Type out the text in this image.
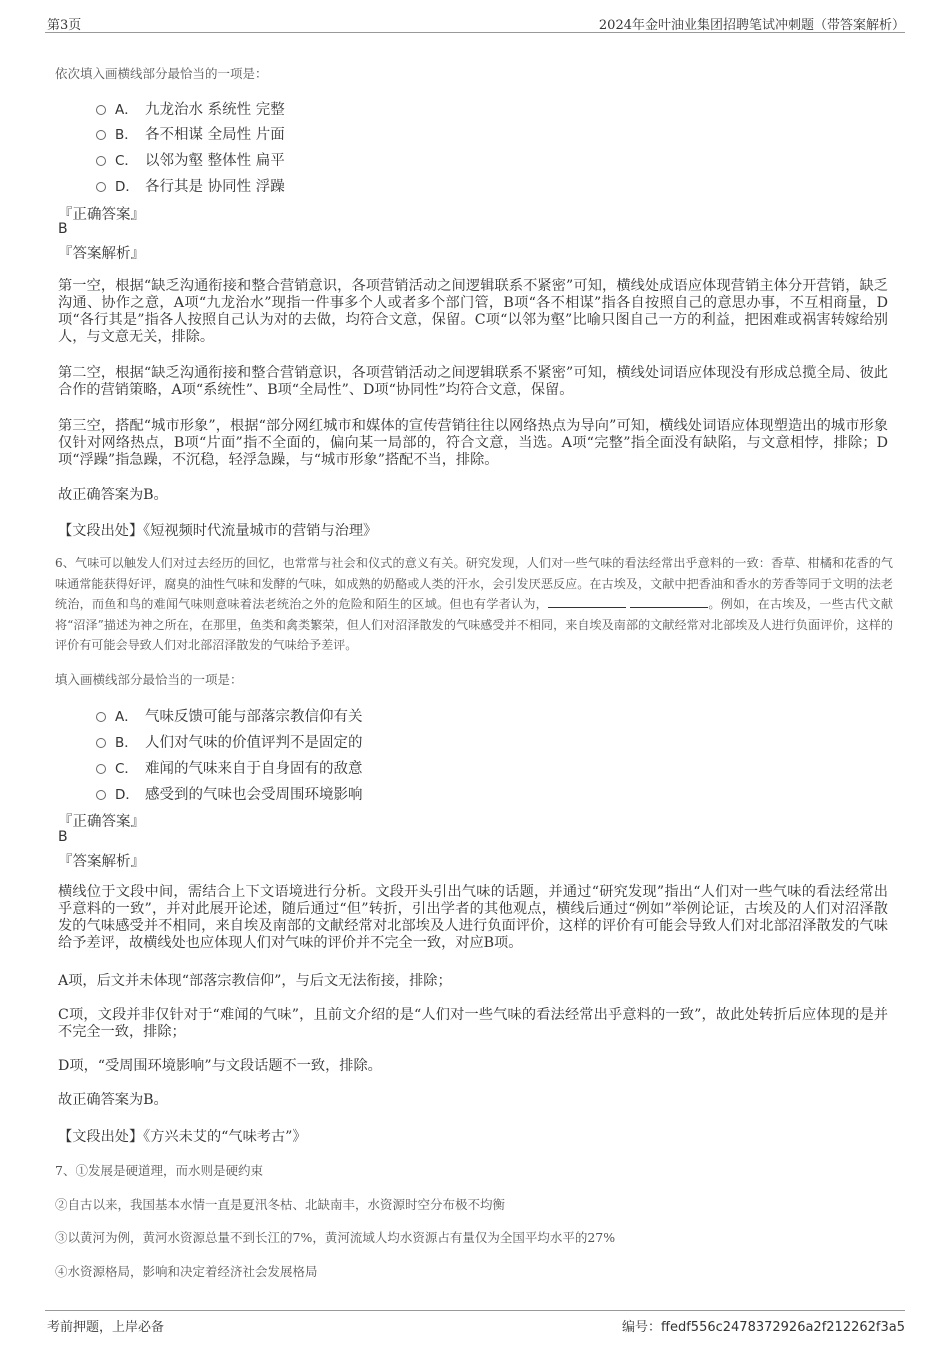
第3页	2024年金叶油业集团招聘笔试冲刺题（带答案解析）
依次填入画横线部分最恰当的一项是：
A． 九龙治水 系统性 完整
B． 各不相谋 全局性 片面
C． 以邻为壑 整体性 扁平
D． 各行其是 协同性 浮躁
『正确答案』
B
『答案解析』
第一空，根据“缺乏沟通衔接和整合营销意识，各项营销活动之间逻辑联系不紧密”可知，横线处成语应体现营销主体分开营销，缺乏沟通、协作之意，A项“九龙治水”现指一件事多个人或者多个部门管，B项“各不相谋”指各自按照自己的意思办事，不互相商量，D项“各行其是”指各人按照自己认为对的去做，均符合文意，保留。C项“以邻为壑”比喻只图自己一方的利益，把困难或祸害转嫁给别人，与文意无关，排除。
第二空，根据“缺乏沟通衔接和整合营销意识，各项营销活动之间逻辑联系不紧密”可知，横线处词语应体现没有形成总揽全局、彼此合作的营销策略，A项“系统性”、B项“全局性”、D项“协同性”均符合文意，保留。
第三空，搭配“城市形象”，根据“部分网红城市和媒体的宣传营销往往以网络热点为导向”可知，横线处词语应体现塑造出的城市形象仅针对网络热点，B项“片面”指不全面的，偏向某一局部的，符合文意，当选。A项“完整”指全面没有缺陷，与文意相悖，排除；D项“浮躁”指急躁，不沉稳，轻浮急躁，与“城市形象”搭配不当，排除。
故正确答案为B。
【文段出处】《短视频时代流量城市的营销与治理》
6、气味可以触发人们对过去经历的回忆，也常常与社会和仪式的意义有关。研究发现，人们对一些气味的看法经常出乎意料的一致：香草、柑橘和花香的气味通常能获得好评，腐臭的油性气味和发酵的气味，如成熟的奶酪或人类的汗水，会引发厌恶反应。在古埃及，文献中把香油和香水的芳香等同于文明的法老统治，而鱼和鸟的难闻气味则意味着法老统治之外的危险和陌生的区域。但也有学者认为，	。例如，在古埃及，一些古代文献将“沼泽”描述为神之所在，在那里，鱼类和禽类繁荣，但人们对沼泽散发的气味感受并不相同，来自埃及南部的文献经常对北部埃及人进行负面评价，这样的评价有可能会导致人们对北部沼泽散发的气味给予差评。
填入画横线部分最恰当的一项是：
A． 气味反馈可能与部落宗教信仰有关
B． 人们对气味的价值评判不是固定的
C． 难闻的气味来自于自身固有的敌意
D． 感受到的气味也会受周围环境影响
『正确答案』
B
『答案解析』
横线位于文段中间，需结合上下文语境进行分析。文段开头引出气味的话题，并通过“研究发现”指出“人们对一些气味的看法经常出乎意料的一致”，并对此展开论述，随后通过“但”转折，引出学者的其他观点，横线后通过“例如”举例论证，古埃及的人们对沼泽散发的气味感受并不相同，来自埃及南部的文献经常对北部埃及人进行负面评价，这样的评价有可能会导致人们对北部沼泽散发的气味给予差评，故横线处也应体现人们对气味的评价并不完全一致，对应B项。
A项，后文并未体现“部落宗教信仰”，与后文无法衔接，排除；
C项，文段并非仅针对于“难闻的气味”，且前文介绍的是“人们对一些气味的看法经常出乎意料的一致”，故此处转折后应体现的是并不完全一致，排除；
D项，“受周围环境影响”与文段话题不一致，排除。
故正确答案为B。
【文段出处】《方兴未艾的“气味考古”》
7、①发展是硬道理，而水则是硬约束
②自古以来，我国基本水情一直是夏汛冬枯、北缺南丰，水资源时空分布极不均衡
③以黄河为例，黄河水资源总量不到长江的7%，黄河流域人均水资源占有量仅为全国平均水平的27%
④水资源格局，影响和决定着经济社会发展格局
考前押题，上岸必备	编号：ffedf556c2478372926a2f212262f3a5
